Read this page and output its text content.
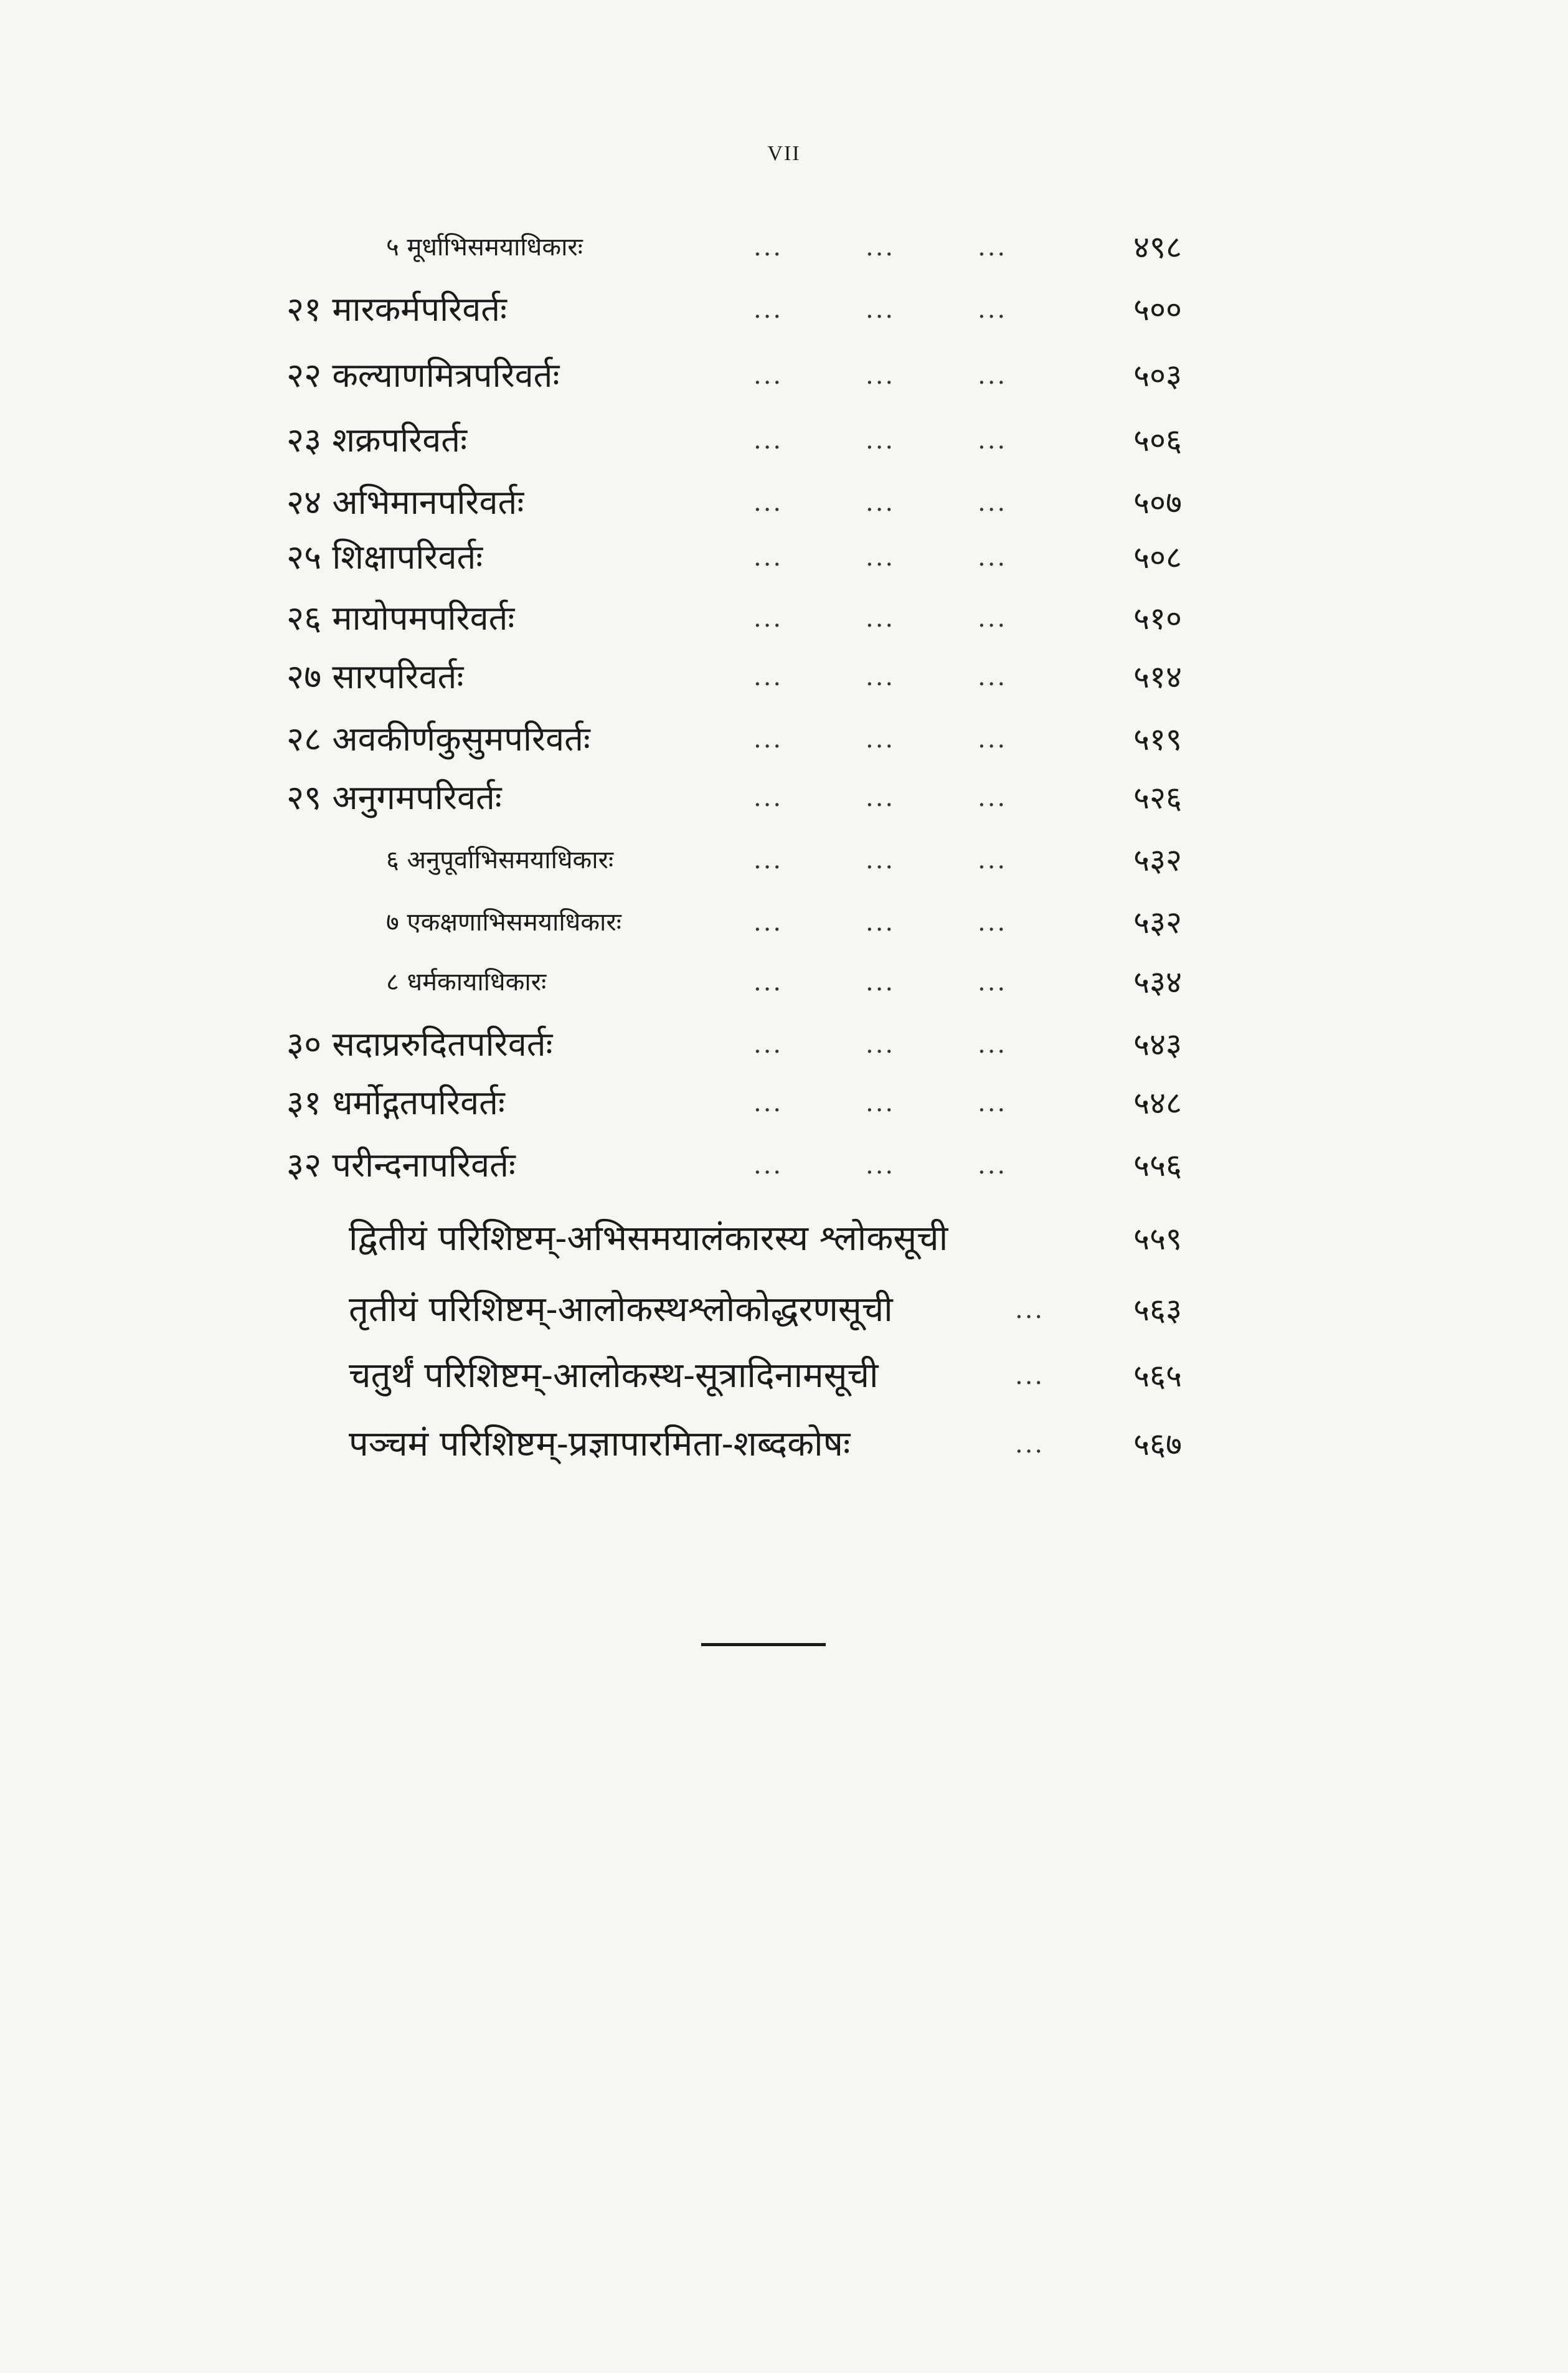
VII
५ मूर्धाभिसमयाधिकारः	...	...	...	४९८
२१ मारकर्मपरिवर्तः	...	...	...	५००
२२ कल्याणमित्रपरिवर्तः	...	...	...	५०३
२३ शक्रपरिवर्तः	...	...	...	५०६
२४ अभिमानपरिवर्तः	...	...	...	५०७
२५ शिक्षापरिवर्तः	...	...	...	५०८
२६ मायोपमपरिवर्तः	...	...	...	५१०
२७ सारपरिवर्तः	...	...	...	५१४
२८ अवकीर्णकुसुमपरिवर्तः	...	...	...	५१९
२९ अनुगमपरिवर्तः	...	...	...	५२६
६ अनुपूर्वाभिसमयाधिकारः	...	...	...	५३२
७ एकक्षणाभिसमयाधिकारः	...	...	...	५३२
८ धर्मकायाधिकारः	...	...	...	५३४
३० सदाप्ररुदितपरिवर्तः	...	...	...	५४३
३१ धर्मोद्गतपरिवर्तः	...	...	...	५४८
३२ परीन्दनापरिवर्तः	...	...	...	५५६
द्वितीयं परिशिष्टम्-अभिसमयालंकारस्य श्लोकसूची	५५९
तृतीयं परिशिष्टम्-आलोकस्थश्लोकोद्धरणसूची	...	५६३
चतुर्थं परिशिष्टम्-आलोकस्थ-सूत्रादिनामसूची	...	५६५
पञ्चमं परिशिष्टम्-प्रज्ञापारमिता-शब्दकोषः	...	५६७
